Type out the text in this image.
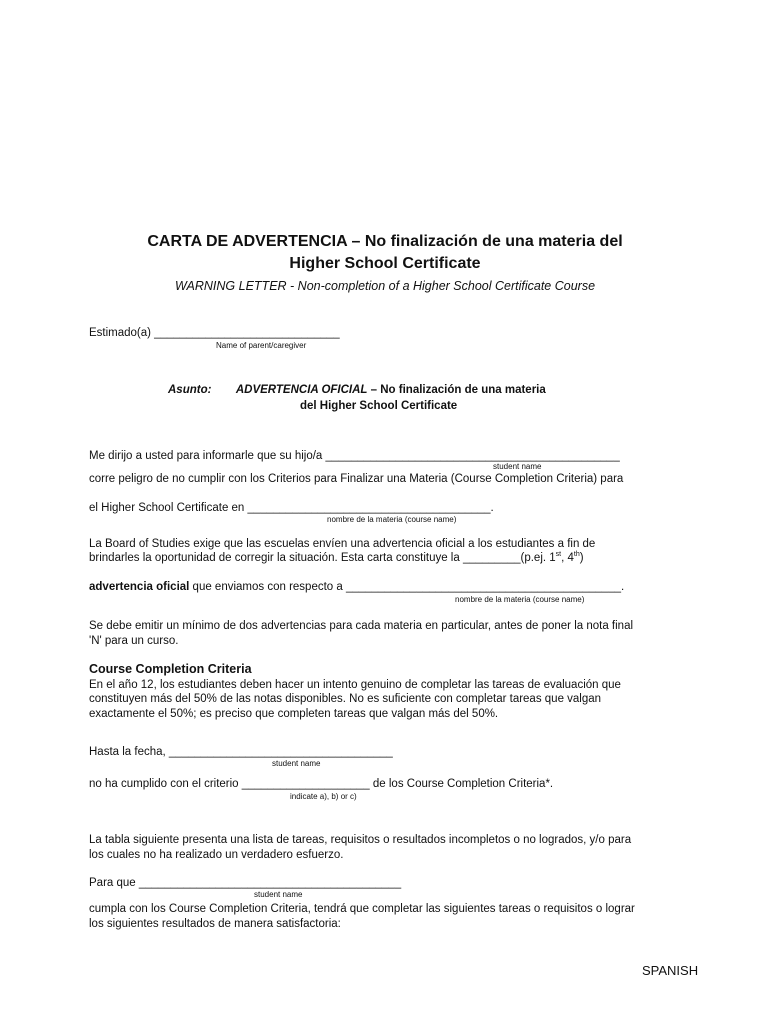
CARTA DE ADVERTENCIA – No finalización de una materia del
Higher School Certificate
WARNING LETTER - Non-completion of a Higher School Certificate Course
Estimado(a) _____________________________
Name of parent/caregiver
Asunto: ADVERTENCIA OFICIAL – No finalización de una materia
del Higher School Certificate
Me dirijo a usted para informarle que su hijo/a ______________________________________________
student name
corre peligro de no cumplir con los Criterios para Finalizar una Materia (Course Completion Criteria) para
el Higher School Certificate en ______________________________________.
nombre de la materia (course name)
La Board of Studies exige que las escuelas envíen una advertencia oficial a los estudiantes a fin de
brindarles la oportunidad de corregir la situación. Esta carta constituye la _________(p.ej. 1st, 4th)
advertencia oficial que enviamos con respecto a ___________________________________________.
nombre de la materia (course name)
Se debe emitir un mínimo de dos advertencias para cada materia en particular, antes de poner la nota final
'N' para un curso.
Course Completion Criteria
En el año 12, los estudiantes deben hacer un intento genuino de completar las tareas de evaluación que
constituyen más del 50% de las notas disponibles. No es suficiente con completar tareas que valgan
exactamente el 50%; es preciso que completen tareas que valgan más del 50%.
Hasta la fecha, ___________________________________
student name
no ha cumplido con el criterio ____________________ de los Course Completion Criteria*.
indicate a), b) or c)
La tabla siguiente presenta una lista de tareas, requisitos o resultados incompletos o no logrados, y/o para
los cuales no ha realizado un verdadero esfuerzo.
Para que _________________________________________
student name
cumpla con los Course Completion Criteria, tendrá que completar las siguientes tareas o requisitos o lograr
los siguientes resultados de manera satisfactoria:
SPANISH
